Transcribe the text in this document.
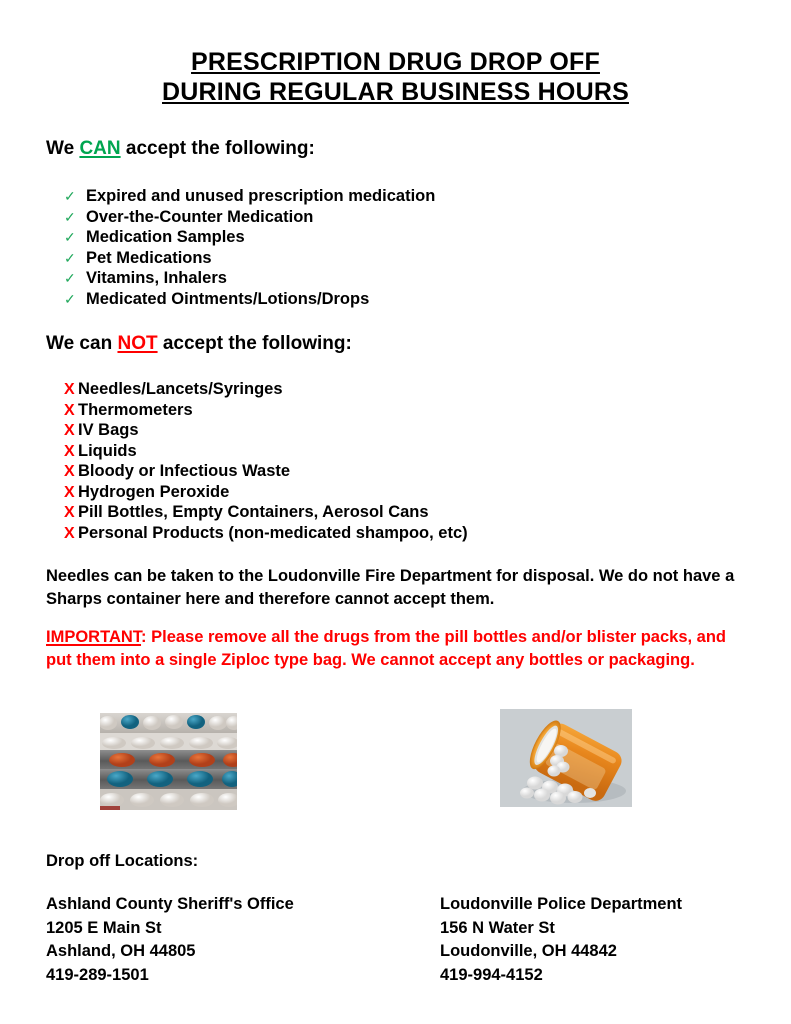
PRESCRIPTION DRUG DROP OFF
DURING REGULAR BUSINESS HOURS
We CAN accept the following:
✓ Expired and unused prescription medication
✓ Over-the-Counter Medication
✓ Medication Samples
✓ Pet Medications
✓ Vitamins, Inhalers
✓ Medicated Ointments/Lotions/Drops
We can NOT accept the following:
X Needles/Lancets/Syringes
X Thermometers
X IV Bags
X Liquids
X Bloody or Infectious Waste
X Hydrogen Peroxide
X Pill Bottles, Empty Containers, Aerosol Cans
X Personal Products (non-medicated shampoo, etc)
Needles can be taken to the Loudonville Fire Department for disposal. We do not have a Sharps container here and therefore cannot accept them.
IMPORTANT: Please remove all the drugs from the pill bottles and/or blister packs, and put them into a single Ziploc type bag. We cannot accept any bottles or packaging.
Drop off Locations:
Ashland County Sheriff's Office
1205 E Main St
Ashland, OH 44805
419-289-1501
Loudonville Police Department
156 N Water St
Loudonville, OH 44842
419-994-4152
